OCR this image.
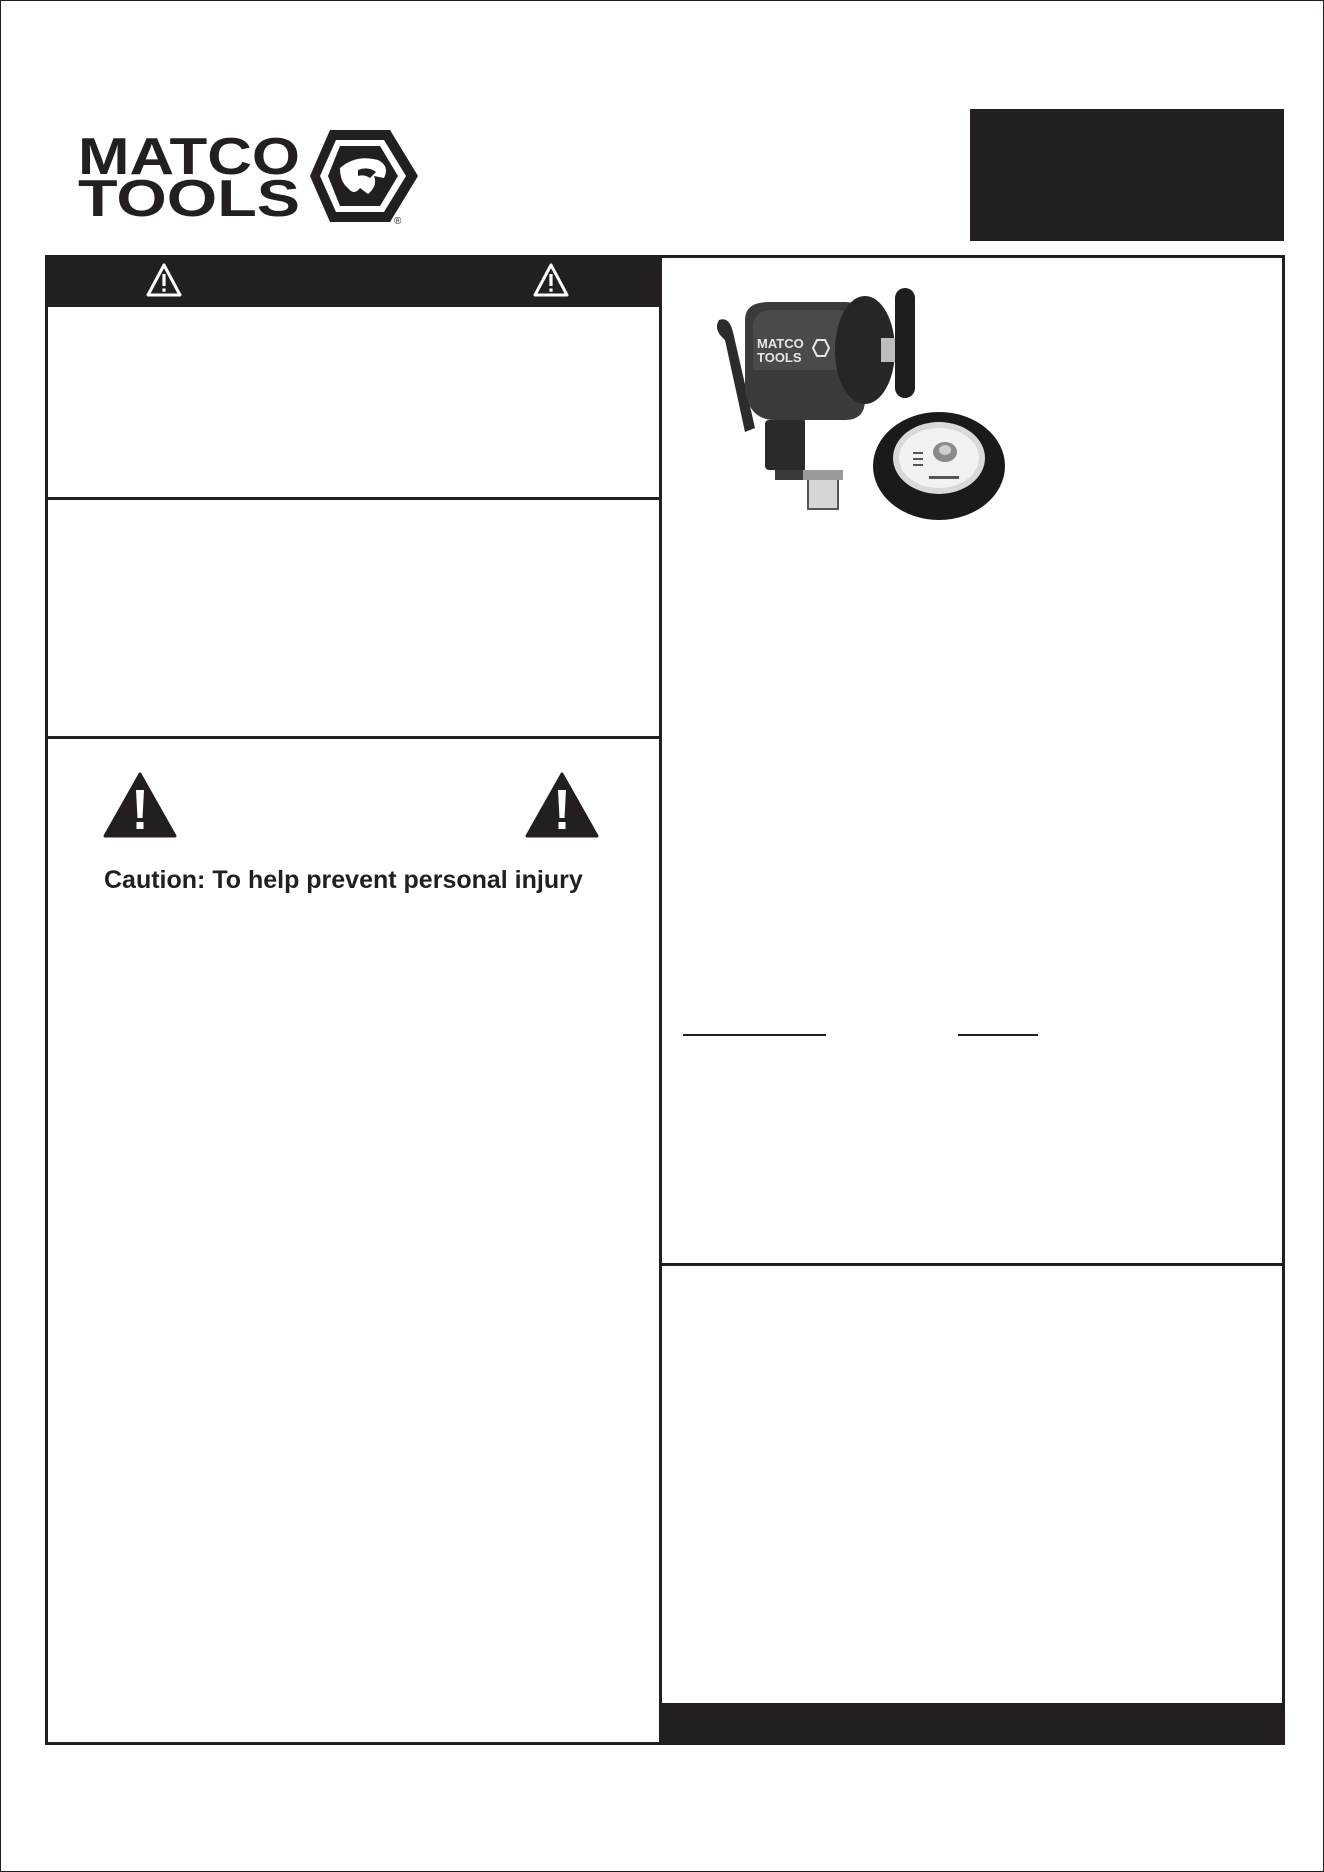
MATCO
TOOLS	®
Caution: To help prevent personal injury
MATCO
TOOLS
